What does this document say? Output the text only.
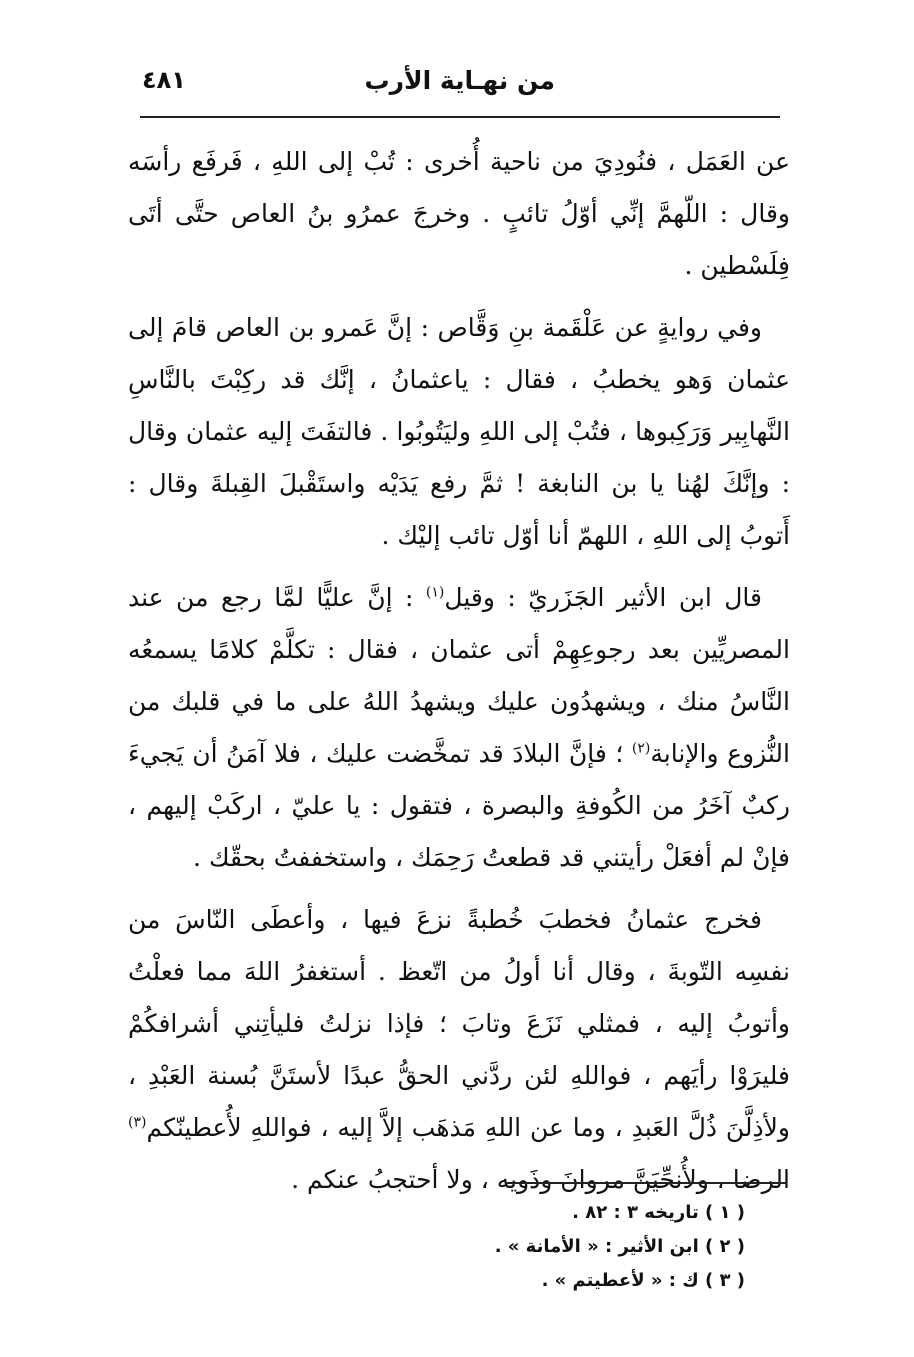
٤٨١	من نهـاية الأرب

عن العَمَل ، فنُودِيَ من ناحية أُخرى : تُبْ إلى اللهِ ، فَرفَع رأسَه وقال : اللّهمَّ إنِّي أوّلُ تائبٍ . وخرجَ عمرُو بنُ العاص حتَّى أتَى فِلَسْطين .

وفي روايةٍ عن عَلْقَمة بنِ وَقَّاص : إنَّ عَمرو بن العاص قامَ إلى عثمان وَهو يخطبُ ، فقال : ياعثمانُ ، إنَّك قد ركِبْتَ بالنَّاسِ النَّهابِير وَرَكِبوها ، فتُبْ إلى اللهِ وليَتُوبُوا . فالتفَتَ إليه عثمان وقال : وإنَّكَ لهُنا يا بن النابغة ! ثمَّ رفع يَدَيْه واستَقْبلَ القِبلةَ وقال : أَتوبُ إلى اللهِ ، اللهمّ أنا أوّل تائب إليْك .

قال ابن الأثير الجَزَريّ : وقيل$^{(١)}$ : إنَّ عليًّا لمَّا رجع من عند المصريِّين بعد رجوعِهِمْ أتى عثمان ، فقال : تكلَّمْ كلامًا يسمعُه النَّاسُ منك ، ويشهدُون عليك ويشهدُ اللهُ على ما في قلبك من النُّزوع والإنابة$^{(٢)}$ ؛ فإنَّ البلادَ قد تمخَّضت عليك ، فلا آمَنُ أن يَجيءَ ركبٌ آخَرُ من الكُوفةِ والبصرة ، فتقول : يا عليّ ، اركَبْ إليهم ، فإنْ لم أفعَلْ رأيتني قد قطعتُ رَحِمَك ، واستخففتُ بحقّك .

فخرج عثمانُ فخطبَ خُطبةً نزعَ فيها ، وأعطَى النّاسَ من نفسِه التّوبةَ ، وقال أنا أولُ من اتّعظ . أستغفرُ اللهَ مما فعلْتُ وأتوبُ إليه ، فمثلي نَزَعَ وتابَ ؛ فإذا نزلتُ فليأتِني أشرافكُمْ فليرَوْا رأيَهم ، فواللهِ لئن ردَّني الحقُّ عبدًا لأستَنَّ بُسنة العَبْدِ ، ولأذِلَّنَ ذُلَّ العَبدِ ، وما عن اللهِ مَذهَب إلاَّ إليه ، فواللهِ لأُعطينّكم$^{(٣)}$ الرضا ، ولأُنحِّيَنَّ مروانَ وذَويه ، ولا أحتجبُ عنكم .

( ١ ) تاريخه ٣ : ٨٢ .
( ٢ ) ابن الأثير : « الأمانة » .
( ٣ ) ك : « لأعطيتم » .
